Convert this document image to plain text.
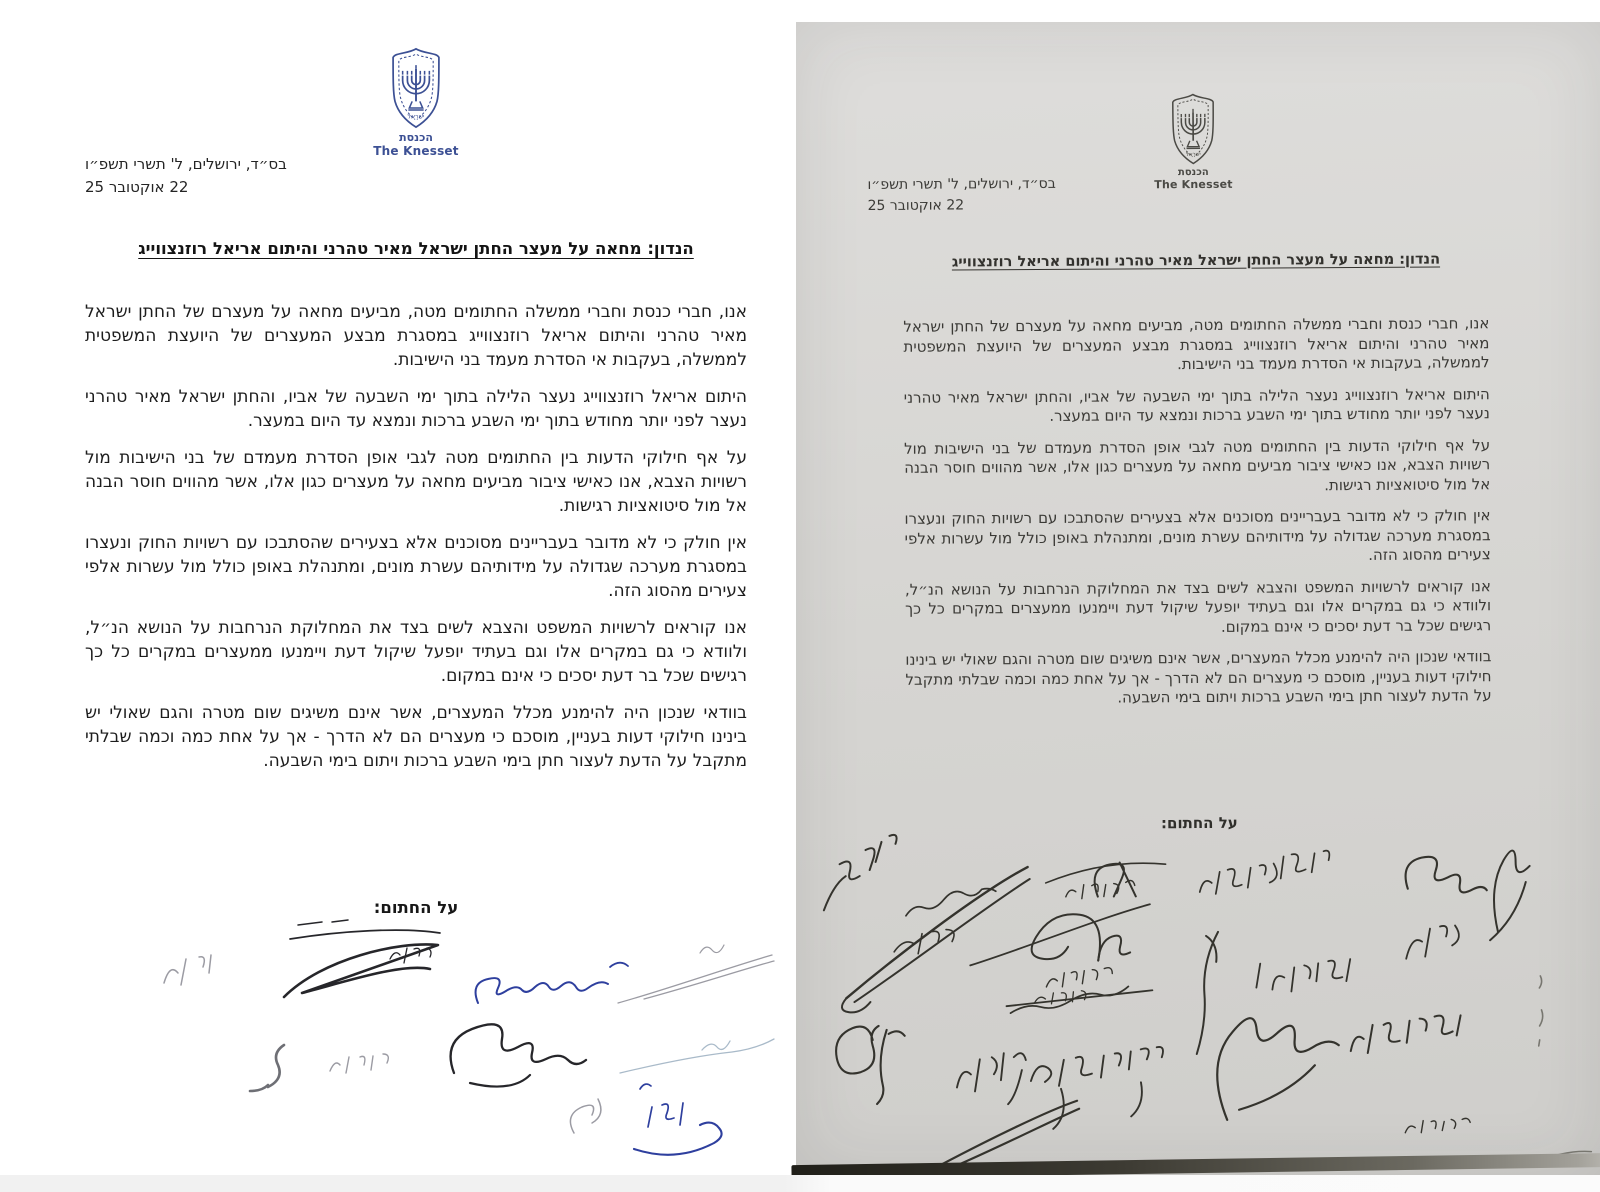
ישראל
הכנסת
The Knesset
בס״ד, ירושלים, ל' תשרי תשפ״ו
22 אוקטובר 25
הנדון: מחאה על מעצר החתן ישראל מאיר טהרני והיתום אריאל רוזנצווייג

אנו, חברי כנסת וחברי ממשלה החתומים מטה, מביעים מחאה על מעצרם של החתן ישראל מאיר טהרני והיתום אריאל רוזנצווייג במסגרת מבצע המעצרים של היועצת המשפטית לממשלה, בעקבות אי הסדרת מעמד בני הישיבות.

היתום אריאל רוזנצווייג נעצר הלילה בתוך ימי השבעה של אביו, והחתן ישראל מאיר טהרני נעצר לפני יותר מחודש בתוך ימי השבע ברכות ונמצא עד היום במעצר.

על אף חילוקי הדעות בין החתומים מטה לגבי אופן הסדרת מעמדם של בני הישיבות מול רשויות הצבא, אנו כאישי ציבור מביעים מחאה על מעצרים כגון אלו, אשר מהווים חוסר הבנה אל מול סיטואציות רגישות.

אין חולק כי לא מדובר בעבריינים מסוכנים אלא בצעירים שהסתבכו עם רשויות החוק ונעצרו במסגרת מערכה שגדולה על מידותיהם עשרת מונים, ומתנהלת באופן כולל מול עשרות אלפי צעירים מהסוג הזה.

אנו קוראים לרשויות המשפט והצבא לשים בצד את המחלוקת הנרחבות על הנושא הנ״ל, ולוודא כי גם במקרים אלו וגם בעתיד יופעל שיקול דעת ויימנעו ממעצרים במקרים כל כך רגישים שכל בר דעת יסכים כי אינם במקום.

בוודאי שנכון היה להימנע מכלל המעצרים, אשר אינם משיגים שום מטרה והגם שאולי יש בינינו חילוקי דעות בעניין, מוסכם כי מעצרים הם לא הדרך - אך על אחת כמה וכמה שבלתי מתקבל על הדעת לעצור חתן בימי השבע ברכות ויתום בימי השבעה.

על החתום:
ישראל
הכנסת
The Knesset
בס״ד, ירושלים, ל' תשרי תשפ״ו
22 אוקטובר 25
הנדון: מחאה על מעצר החתן ישראל מאיר טהרני והיתום אריאל רוזנצווייג

אנו, חברי כנסת וחברי ממשלה החתומים מטה, מביעים מחאה על מעצרם של החתן ישראל מאיר טהרני והיתום אריאל רוזנצווייג במסגרת מבצע המעצרים של היועצת המשפטית לממשלה, בעקבות אי הסדרת מעמד בני הישיבות.

היתום אריאל רוזנצווייג נעצר הלילה בתוך ימי השבעה של אביו, והחתן ישראל מאיר טהרני נעצר לפני יותר מחודש בתוך ימי השבע ברכות ונמצא עד היום במעצר.

על אף חילוקי הדעות בין החתומים מטה לגבי אופן הסדרת מעמדם של בני הישיבות מול רשויות הצבא, אנו כאישי ציבור מביעים מחאה על מעצרים כגון אלו, אשר מהווים חוסר הבנה אל מול סיטואציות רגישות.

אין חולק כי לא מדובר בעבריינים מסוכנים אלא בצעירים שהסתבכו עם רשויות החוק ונעצרו במסגרת מערכה שגדולה על מידותיהם עשרת מונים, ומתנהלת באופן כולל מול עשרות אלפי צעירים מהסוג הזה.

אנו קוראים לרשויות המשפט והצבא לשים בצד את המחלוקת הנרחבות על הנושא הנ״ל, ולוודא כי גם במקרים אלו וגם בעתיד יופעל שיקול דעת ויימנעו ממעצרים במקרים כל כך רגישים שכל בר דעת יסכים כי אינם במקום.

בוודאי שנכון היה להימנע מכלל המעצרים, אשר אינם משיגים שום מטרה והגם שאולי יש בינינו חילוקי דעות בעניין, מוסכם כי מעצרים הם לא הדרך - אך על אחת כמה וכמה שבלתי מתקבל על הדעת לעצור חתן בימי השבע ברכות ויתום בימי השבעה.

על החתום:
